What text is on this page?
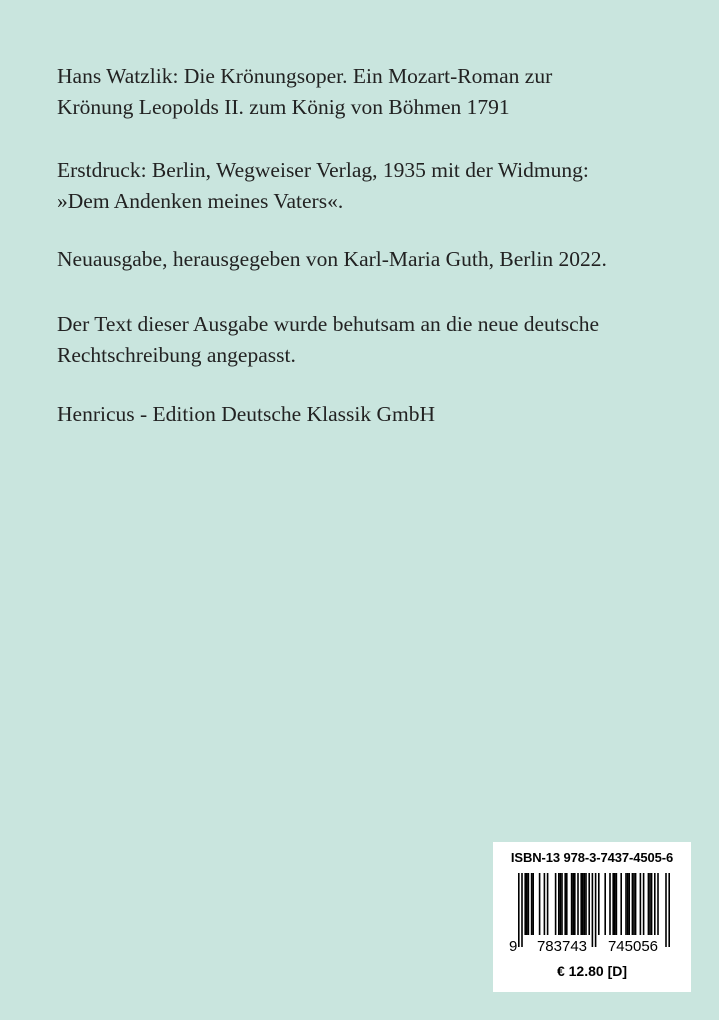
Hans Watzlik: Die Krönungsoper. Ein Mozart-Roman zur

Krönung Leopolds II. zum König von Böhmen 1791

Erstdruck: Berlin, Wegweiser Verlag, 1935 mit der Widmung:

»Dem Andenken meines Vaters«.

Neuausgabe, herausgegeben von Karl-Maria Guth, Berlin 2022.

Der Text dieser Ausgabe wurde behutsam an die neue deutsche

Rechtschreibung angepasst.

Henricus - Edition Deutsche Klassik GmbH

ISBN-13 978-3-7437-4505-6
9 783743 745056
€ 12.80 [D]
